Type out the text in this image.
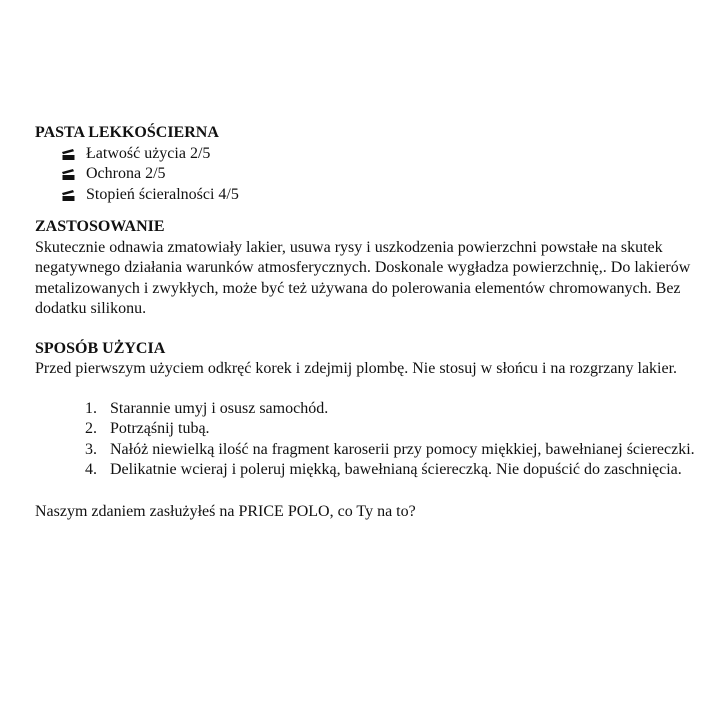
PASTA LEKKOŚCIERNA
Łatwość użycia 2/5
Ochrona 2/5
Stopień ścieralności 4/5
ZASTOSOWANIE

Skutecznie odnawia zmatowiały lakier, usuwa rysy i uszkodzenia powierzchni powstałe na skutek negatywnego działania warunków atmosferycznych. Doskonale wygładza powierzchnię,. Do lakierów metalizowanych i zwykłych, może być też używana do polerowania elementów chromowanych. Bez dodatku silikonu.

SPOSÓB UŻYCIA

Przed pierwszym użyciem odkręć korek i zdejmij plombę. Nie stosuj w słońcu i na rozgrzany lakier.

1. Starannie umyj i osusz samochód.
2. Potrząśnij tubą.
3. Nałóż niewielką ilość na fragment karoserii przy pomocy miękkiej, bawełnianej ściereczki.
4. Delikatnie wcieraj i poleruj miękką, bawełnianą ściereczką. Nie dopuścić do zaschnięcia.

Naszym zdaniem zasłużyłeś na PRICE POLO, co Ty na to?
